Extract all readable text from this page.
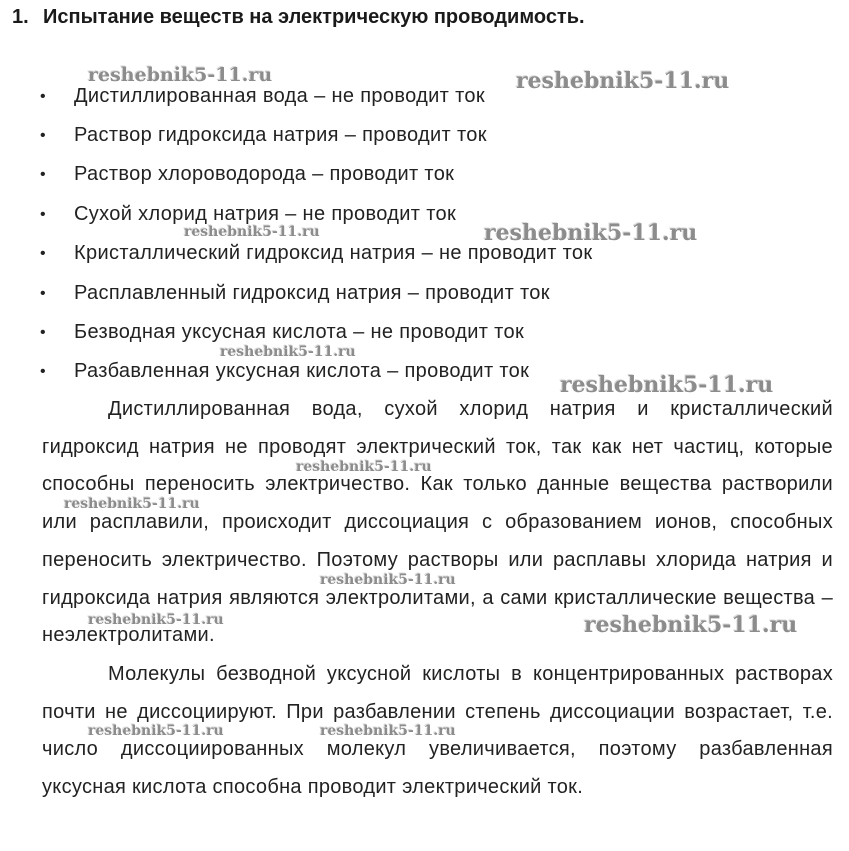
1. Испытание веществ на электрическую проводимость.
• Дистиллированная вода – не проводит ток
• Раствор гидроксида натрия – проводит ток
• Раствор хлороводорода – проводит ток
• Сухой хлорид натрия – не проводит ток
• Кристаллический гидроксид натрия – не проводит ток
• Расплавленный гидроксид натрия – проводит ток
• Безводная уксусная кислота – не проводит ток
• Разбавленная уксусная кислота – проводит ток

Дистиллированная вода, сухой хлорид натрия и кристаллический гидроксид натрия не проводят электрический ток, так как нет частиц, которые способны переносить электричество. Как только данные вещества растворили или расплавили, происходит диссоциация с образованием ионов, способных переносить электричество. Поэтому растворы или расплавы хлорида натрия и гидроксида натрия являются электролитами, а сами кристаллические вещества – неэлектролитами.

Молекулы безводной уксусной кислоты в концентрированных растворах почти не диссоциируют. При разбавлении степень диссоциации возрастает, т.е. число диссоциированных молекул увеличивается, поэтому разбавленная уксусная кислота способна проводит электрический ток.

reshebnik5-11.ru	reshebnik5-11.ru
reshebnik5-11.ru	reshebnik5-11.ru
reshebnik5-11.ru
reshebnik5-11.ru
reshebnik5-11.ru
reshebnik5-11.ru
reshebnik5-11.ru
reshebnik5-11.ru	reshebnik5-11.ru
reshebnik5-11.ru	reshebnik5-11.ru
